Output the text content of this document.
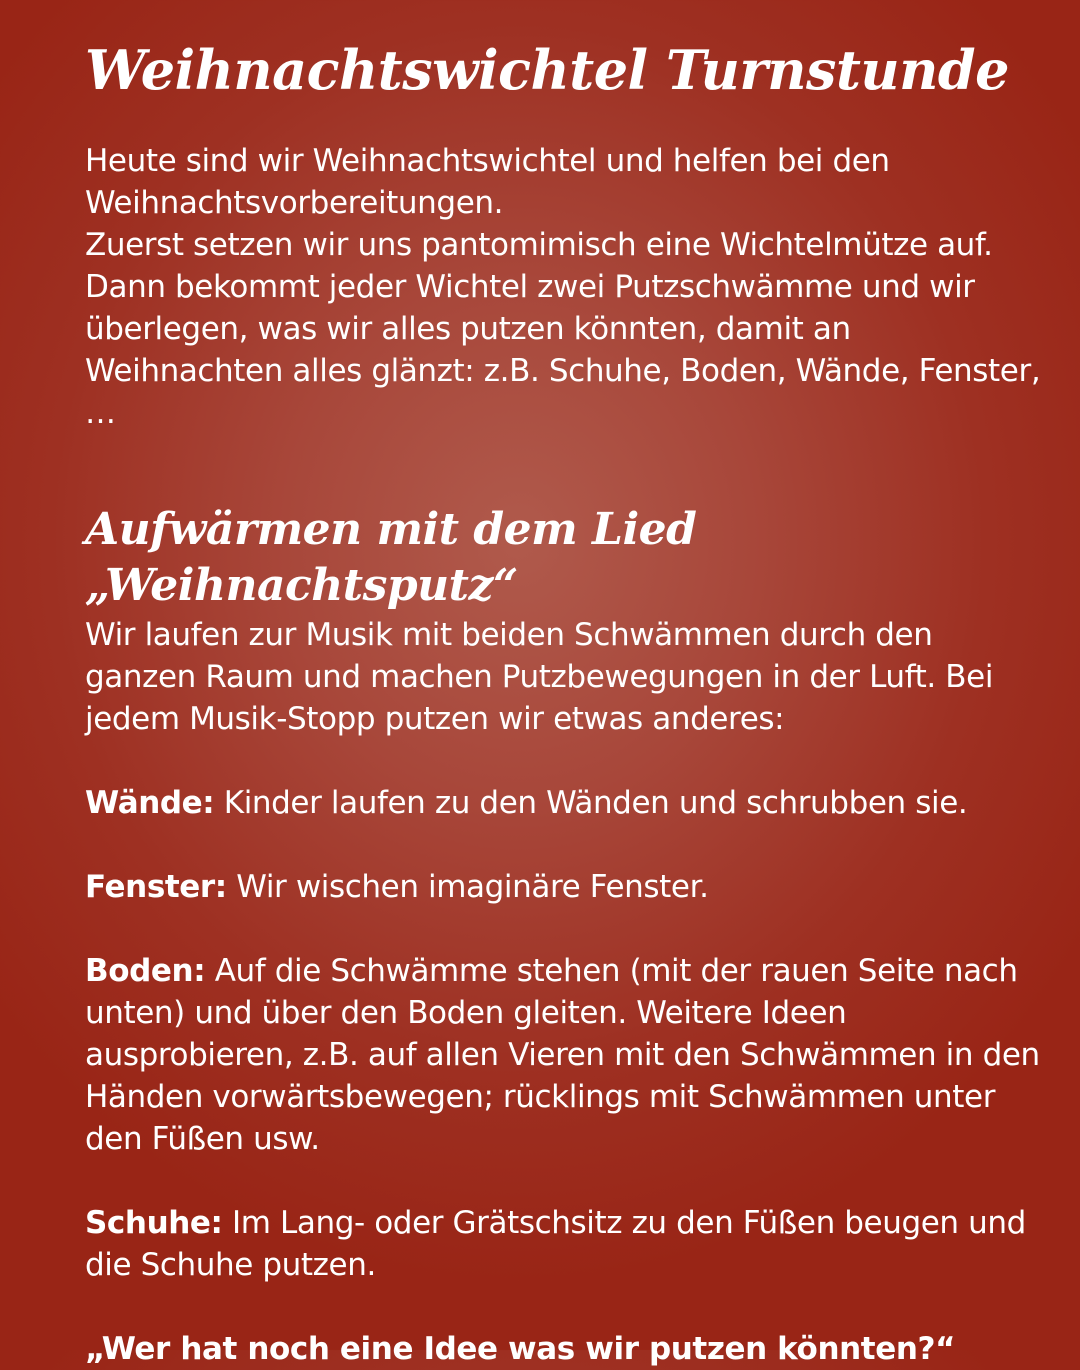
Weihnachtswichtel Turnstunde

Heute sind wir Weihnachtswichtel und helfen bei den Weihnachtsvorbereitungen.

Zuerst setzen wir uns pantomimisch eine Wichtelmütze auf. Dann bekommt jeder Wichtel zwei Putzschwämme und wir überlegen, was wir alles putzen könnten, damit an Weihnachten alles glänzt: z.B. Schuhe, Boden, Wände, Fenster, …

Aufwärmen mit dem Lied „Weihnachtsputz“

Wir laufen zur Musik mit beiden Schwämmen durch den ganzen Raum und machen Putzbewegungen in der Luft. Bei jedem Musik-Stopp putzen wir etwas anderes:

Wände: Kinder laufen zu den Wänden und schrubben sie.

Fenster: Wir wischen imaginäre Fenster.

Boden: Auf die Schwämme stehen (mit der rauen Seite nach unten) und über den Boden gleiten. Weitere Ideen ausprobieren, z.B. auf allen Vieren mit den Schwämmen in den Händen vorwärtsbewegen; rücklings mit Schwämmen unter den Füßen usw.

Schuhe: Im Lang- oder Grätschsitz zu den Füßen beugen und die Schuhe putzen.

„Wer hat noch eine Idee was wir putzen könnten?“
